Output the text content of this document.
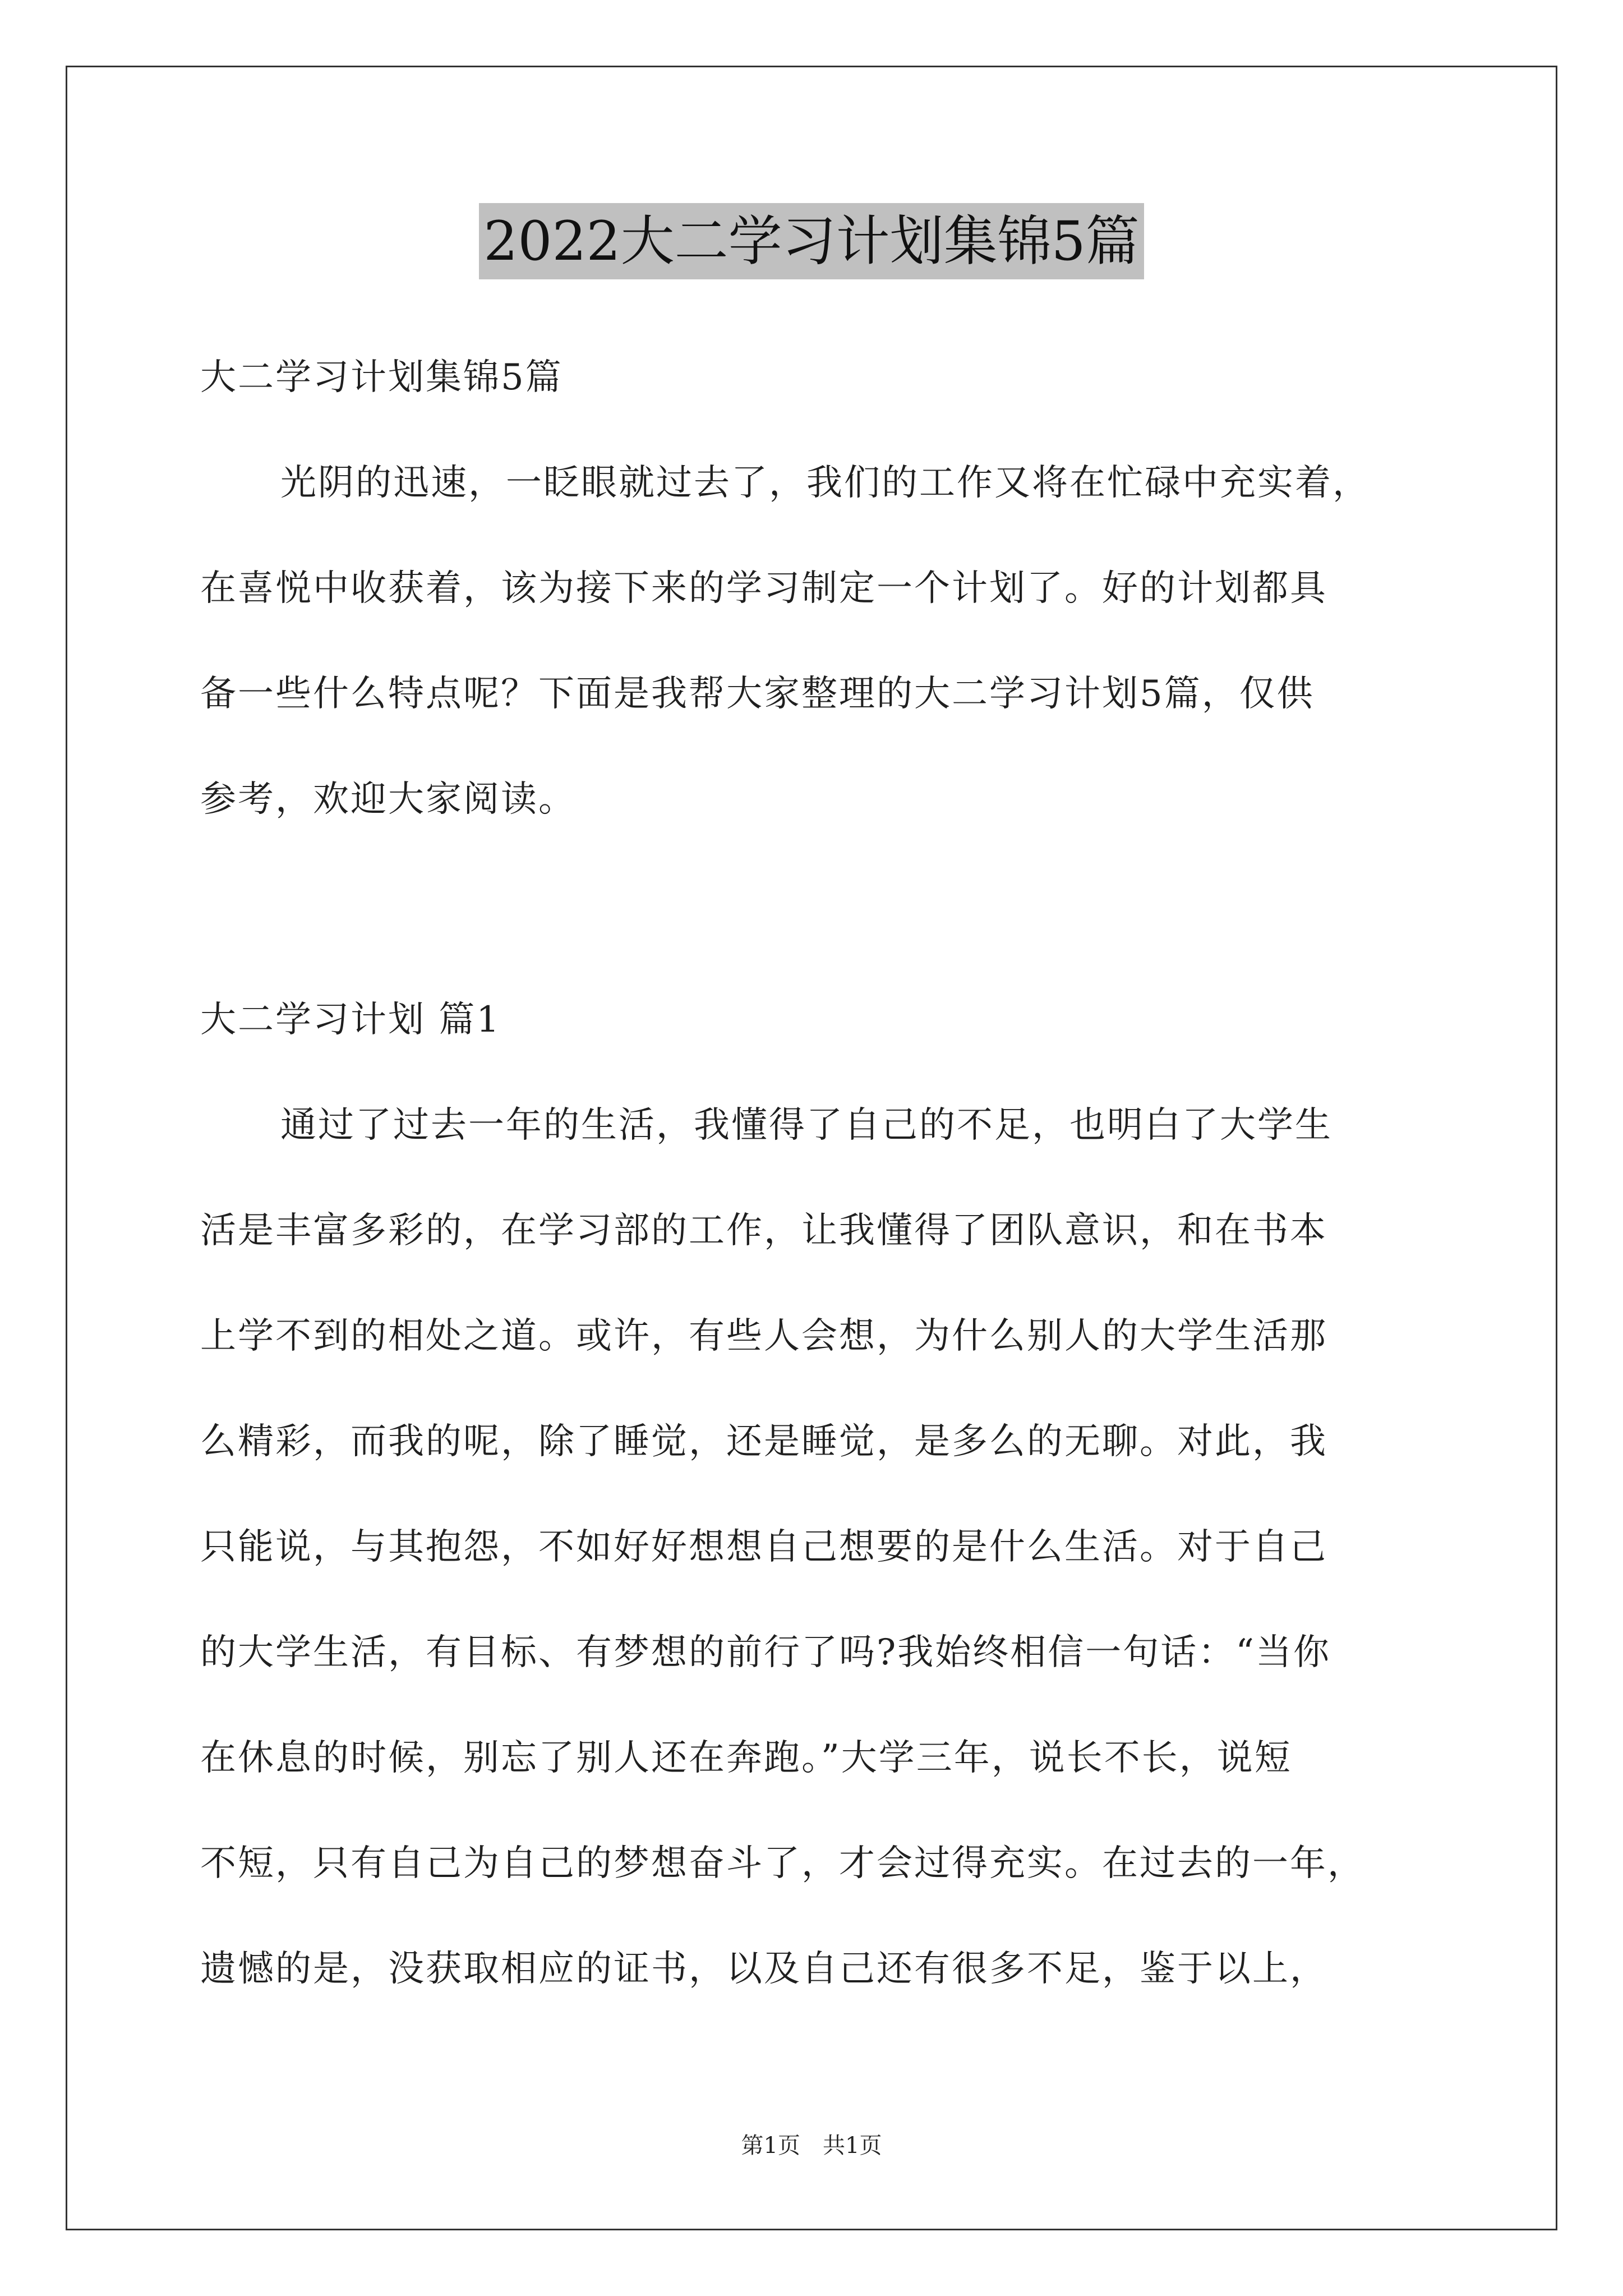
2022大二学习计划集锦5篇
大二学习计划集锦5篇
光阴的迅速，一眨眼就过去了，我们的工作又将在忙碌中充实着，
在喜悦中收获着，该为接下来的学习制定一个计划了。好的计划都具
备一些什么特点呢？下面是我帮大家整理的大二学习计划5篇，仅供
参考，欢迎大家阅读。
大二学习计划 篇1
通过了过去一年的生活，我懂得了自己的不足，也明白了大学生
活是丰富多彩的，在学习部的工作，让我懂得了团队意识，和在书本
上学不到的相处之道。或许，有些人会想，为什么别人的大学生活那
么精彩，而我的呢，除了睡觉，还是睡觉，是多么的无聊。对此，我
只能说，与其抱怨，不如好好想想自己想要的是什么生活。对于自己
的大学生活，有目标、有梦想的前行了吗?我始终相信一句话：“当你
在休息的时候，别忘了别人还在奔跑。”大学三年，说长不长，说短
不短，只有自己为自己的梦想奋斗了，才会过得充实。在过去的一年，
遗憾的是，没获取相应的证书，以及自己还有很多不足，鉴于以上，
第1页　共1页
